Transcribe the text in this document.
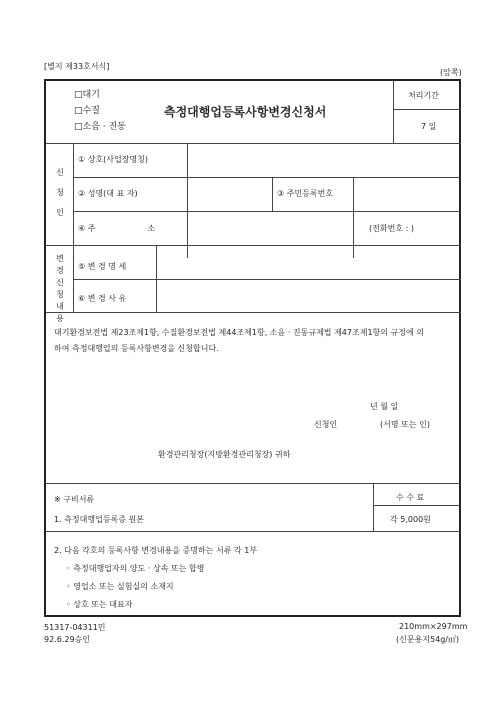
[별지 제33호서식]
(앞쪽)
□대기
□수질
□소음 · 진동
측정대행업등록사항변경신청서
처리기간
7 일
신
청
인
① 상호(사업장명칭)
② 성명(대 표 자)	③ 주민등록번호
④ 주	소	(전화번호 : )
변
경
신
청
내
용
⑤ 변 경 명 세
⑥ 변 경 사 유
대기환경보전법 제23조제1항, 수질환경보전법 제44조제1항, 소음 · 진동규제법 제47조제1항의 규정에 의
하여 측정대행업의 등록사항변경을 신청합니다.
년 월 일
신청인	(서명 또는 인)
환경관리청장(지방환경관리청장) 귀하
※ 구비서류
1. 측정대행업등록증 원본
수 수 료
각 5,000원
2. 다음 각호의 등록사항 변경내용을 증명하는 서류 각 1부
◦ 측정대행업자의 양도 · 상속 또는 합병
◦ 영업소 또는 실험실의 소재지
◦ 상호 또는 대표자
51317-04311민
92.6.29승인
210mm×297mm
(신문용지54g/㎡)
